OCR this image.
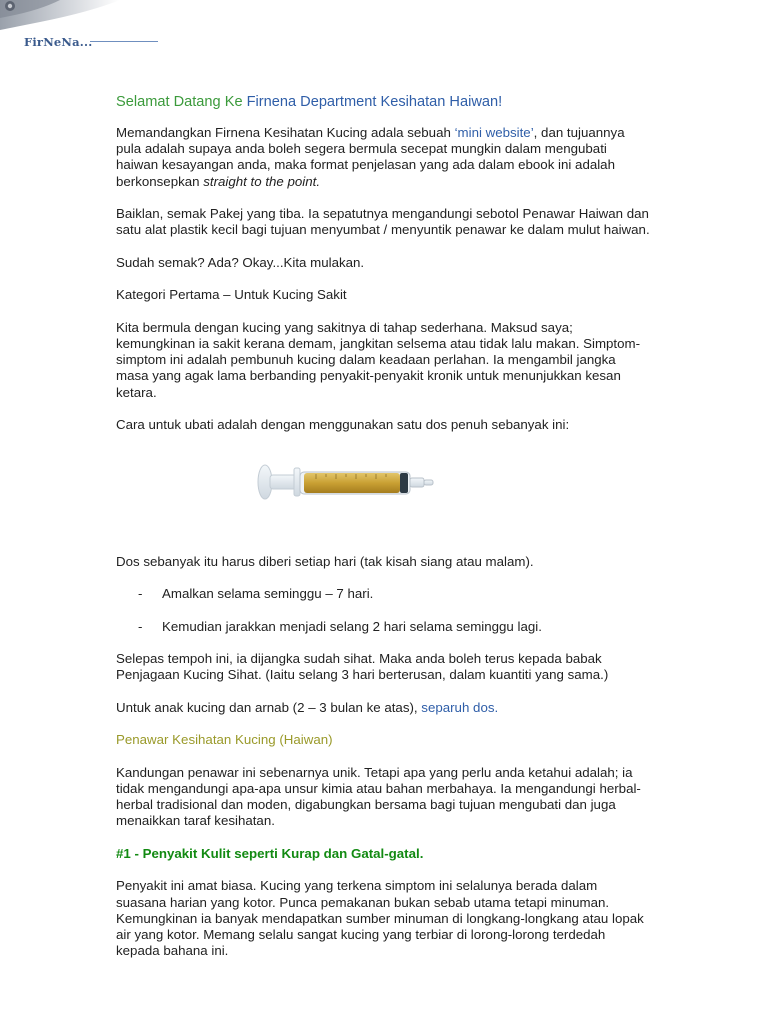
FirNeNa...

Selamat Datang Ke Firnena Department Kesihatan Haiwan!

Memandangkan Firnena Kesihatan Kucing adala sebuah ‘mini website’, dan tujuannya pula adalah supaya anda boleh segera bermula secepat mungkin dalam mengubati haiwan kesayangan anda, maka format penjelasan yang ada dalam ebook ini adalah berkonsepkan straight to the point.

Baiklan, semak Pakej yang tiba. Ia sepatutnya mengandungi sebotol Penawar Haiwan dan satu alat plastik kecil bagi tujuan menyumbat / menyuntik penawar ke dalam mulut haiwan.

Sudah semak? Ada? Okay...Kita mulakan.

Kategori Pertama – Untuk Kucing Sakit

Kita bermula dengan kucing yang sakitnya di tahap sederhana. Maksud saya; kemungkinan ia sakit kerana demam, jangkitan selsema atau tidak lalu makan. Simptom-simptom ini adalah pembunuh kucing dalam keadaan perlahan. Ia mengambil jangka masa yang agak lama berbanding penyakit-penyakit kronik untuk menunjukkan kesan ketara.

Cara untuk ubati adalah dengan menggunakan satu dos penuh sebanyak ini:

Dos sebanyak itu harus diberi setiap hari (tak kisah siang atau malam).

- Amalkan selama seminggu – 7 hari.
- Kemudian jarakkan menjadi selang 2 hari selama seminggu lagi.

Selepas tempoh ini, ia dijangka sudah sihat. Maka anda boleh terus kepada babak Penjagaan Kucing Sihat. (Iaitu selang 3 hari berterusan, dalam kuantiti yang sama.)

Untuk anak kucing dan arnab (2 – 3 bulan ke atas), separuh dos.

Penawar Kesihatan Kucing (Haiwan)

Kandungan penawar ini sebenarnya unik. Tetapi apa yang perlu anda ketahui adalah; ia tidak mengandungi apa-apa unsur kimia atau bahan merbahaya. Ia mengandungi herbal-herbal tradisional dan moden, digabungkan bersama bagi tujuan mengubati dan juga menaikkan taraf kesihatan.

#1 - Penyakit Kulit seperti Kurap dan Gatal-gatal.

Penyakit ini amat biasa. Kucing yang terkena simptom ini selalunya berada dalam suasana harian yang kotor. Punca pemakanan bukan sebab utama tetapi minuman. Kemungkinan ia banyak mendapatkan sumber minuman di longkang-longkang atau lopak air yang kotor. Memang selalu sangat kucing yang terbiar di lorong-lorong terdedah kepada bahana ini.
